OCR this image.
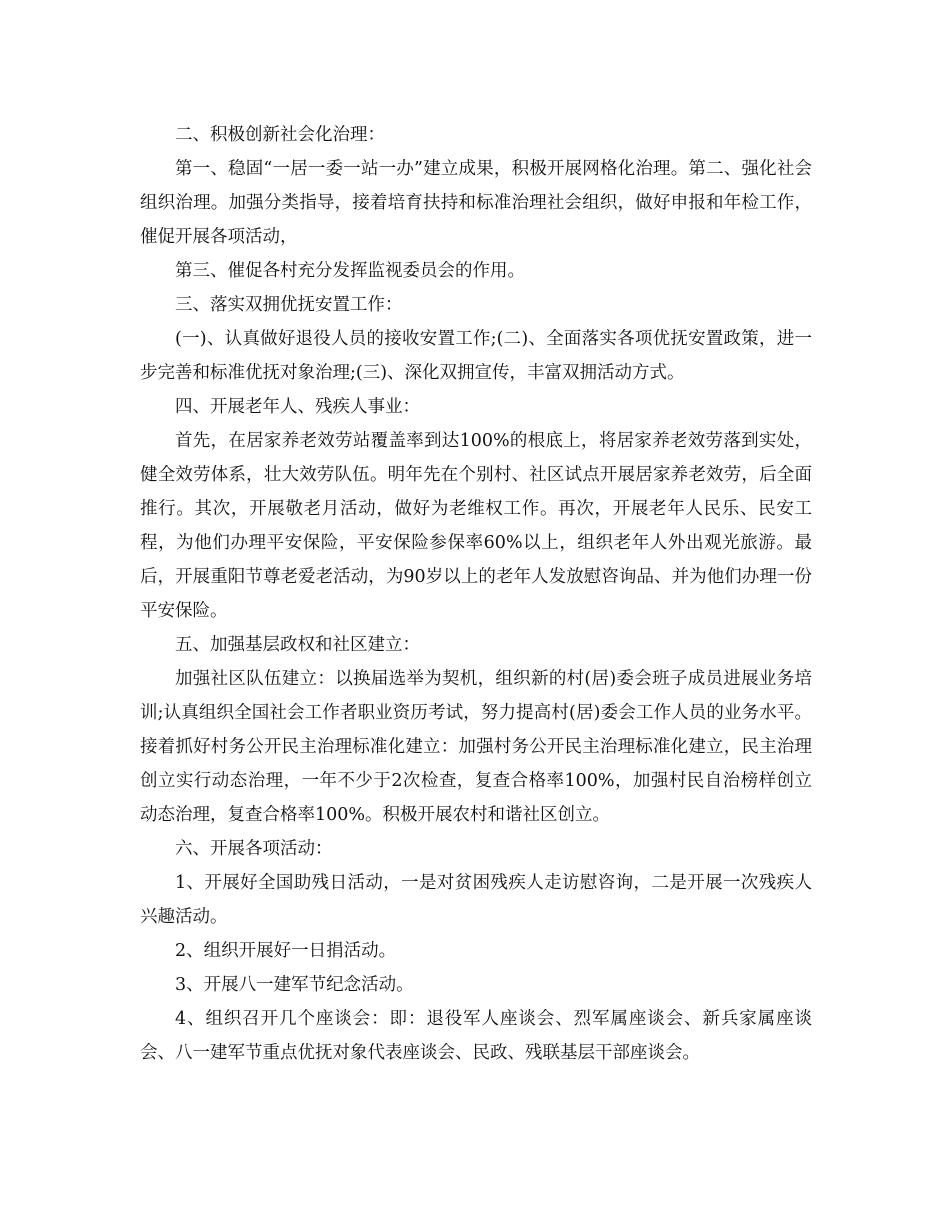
二、积极创新社会化治理：

第一、稳固“一居一委一站一办”建立成果，积极开展网格化治理。第二、强化社会组织治理。加强分类指导，接着培育扶持和标准治理社会组织，做好申报和年检工作，催促开展各项活动，

第三、催促各村充分发挥监视委员会的作用。

三、落实双拥优抚安置工作：

(一)、认真做好退役人员的接收安置工作;(二)、全面落实各项优抚安置政策，进一步完善和标准优抚对象治理;(三)、深化双拥宣传，丰富双拥活动方式。

四、开展老年人、残疾人事业：

首先，在居家养老效劳站覆盖率到达100%的根底上，将居家养老效劳落到实处，健全效劳体系，壮大效劳队伍。明年先在个别村、社区试点开展居家养老效劳，后全面推行。其次，开展敬老月活动，做好为老维权工作。再次，开展老年人民乐、民安工程，为他们办理平安保险，平安保险参保率60%以上，组织老年人外出观光旅游。最后，开展重阳节尊老爱老活动，为90岁以上的老年人发放慰咨询品、并为他们办理一份平安保险。

五、加强基层政权和社区建立：

加强社区队伍建立：以换届选举为契机，组织新的村(居)委会班子成员进展业务培训;认真组织全国社会工作者职业资历考试，努力提高村(居)委会工作人员的业务水平。接着抓好村务公开民主治理标准化建立：加强村务公开民主治理标准化建立，民主治理创立实行动态治理，一年不少于2次检查，复查合格率100%，加强村民自治榜样创立动态治理，复查合格率100%。积极开展农村和谐社区创立。

六、开展各项活动：

1、开展好全国助残日活动，一是对贫困残疾人走访慰咨询，二是开展一次残疾人兴趣活动。

2、组织开展好一日捐活动。

3、开展八一建军节纪念活动。

4、组织召开几个座谈会：即：退役军人座谈会、烈军属座谈会、新兵家属座谈会、八一建军节重点优抚对象代表座谈会、民政、残联基层干部座谈会。
